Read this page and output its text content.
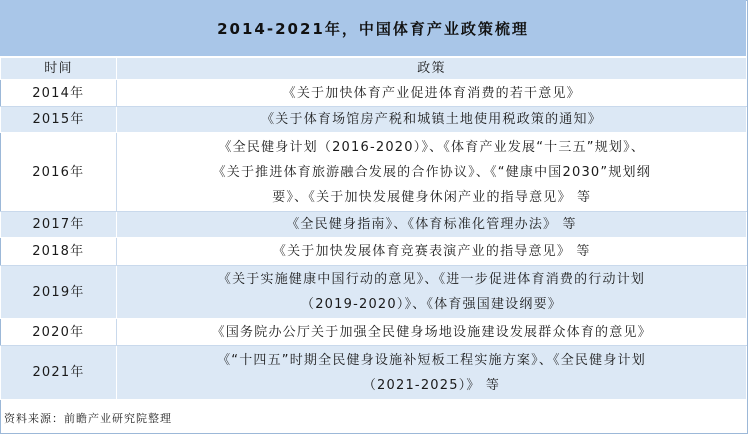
2014-2021年，中国体育产业政策梳理
时间	政策
2014年	《关于加快体育产业促进体育消费的若干意见》

2015年	《关于体育场馆房产税和城镇土地使用税政策的通知》

2016年	《全民健身计划（2016-2020）》、《体育产业发展“十三五”规划》、
《关于推进体育旅游融合发展的合作协议》、《“健康中国2030”规划纲
要》、《关于加快发展健身休闲产业的指导意见》 等

2017年	《全民健身指南》、《体育标准化管理办法》 等

2018年	《关于加快发展体育竞赛表演产业的指导意见》 等

2019年	《关于实施健康中国行动的意见》、《进一步促进体育消费的行动计划
（2019-2020）》、《体育强国建设纲要》

2020年	《国务院办公厅关于加强全民健身场地设施建设发展群众体育的意见》

2021年	《“十四五”时期全民健身设施补短板工程实施方案》、《全民健身计划
（2021-2025）》 等
资料来源：前瞻产业研究院整理
